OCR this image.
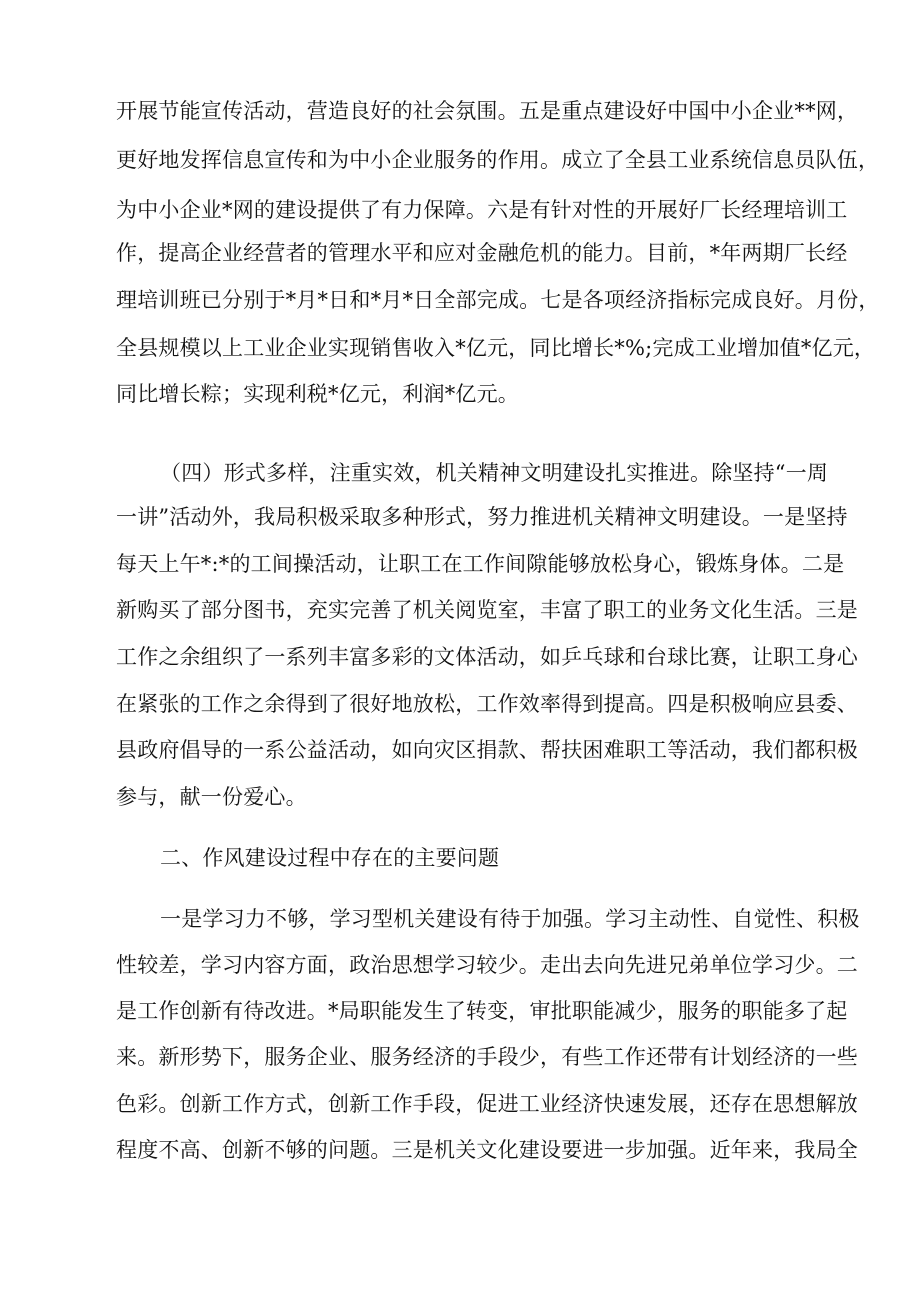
开展节能宣传活动，营造良好的社会氛围。五是重点建设好中国中小企业**网，
更好地发挥信息宣传和为中小企业服务的作用。成立了全县工业系统信息员队伍，
为中小企业*网的建设提供了有力保障。六是有针对性的开展好厂长经理培训工
作，提高企业经营者的管理水平和应对金融危机的能力。目前，*年两期厂长经
理培训班已分别于*月*日和*月*日全部完成。七是各项经济指标完成良好。月份，
全县规模以上工业企业实现销售收入*亿元，同比增长*%;完成工业增加值*亿元，
同比增长粽；实现利税*亿元，利润*亿元。
（四）形式多样，注重实效，机关精神文明建设扎实推进。除坚持“一周
一讲”活动外，我局积极采取多种形式，努力推进机关精神文明建设。一是坚持
每天上午*:*的工间操活动，让职工在工作间隙能够放松身心，锻炼身体。二是
新购买了部分图书，充实完善了机关阅览室，丰富了职工的业务文化生活。三是
工作之余组织了一系列丰富多彩的文体活动，如乒乓球和台球比赛，让职工身心
在紧张的工作之余得到了很好地放松，工作效率得到提高。四是积极响应县委、
县政府倡导的一系公益活动，如向灾区捐款、帮扶困难职工等活动，我们都积极
参与，献一份爱心。
二、作风建设过程中存在的主要问题
一是学习力不够，学习型机关建设有待于加强。学习主动性、自觉性、积极
性较差，学习内容方面，政治思想学习较少。走出去向先进兄弟单位学习少。二
是工作创新有待改进。*局职能发生了转变，审批职能减少，服务的职能多了起
来。新形势下，服务企业、服务经济的手段少，有些工作还带有计划经济的一些
色彩。创新工作方式，创新工作手段，促进工业经济快速发展，还存在思想解放
程度不高、创新不够的问题。三是机关文化建设要进一步加强。近年来，我局全
